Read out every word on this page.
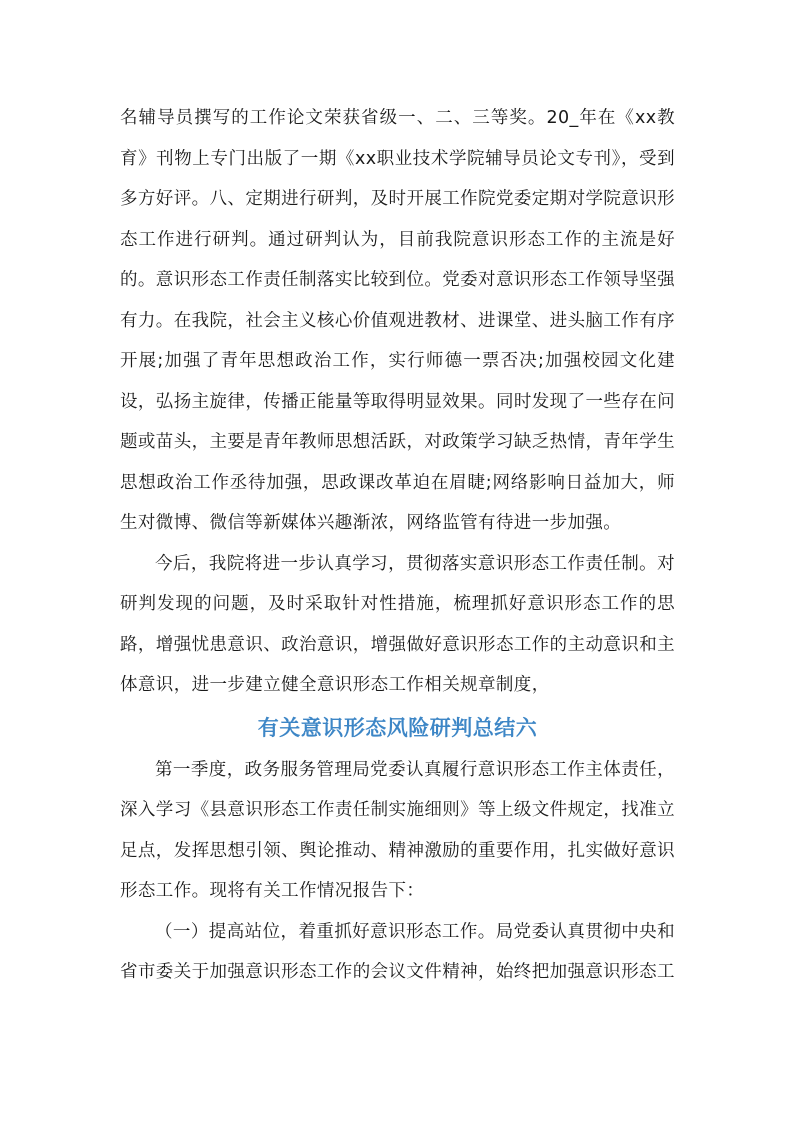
名辅导员撰写的工作论文荣获省级一、二、三等奖。20_年在《xx教育》刊物上专门出版了一期《xx职业技术学院辅导员论文专刊》，受到多方好评。八、定期进行研判，及时开展工作院党委定期对学院意识形态工作进行研判。通过研判认为，目前我院意识形态工作的主流是好的。意识形态工作责任制落实比较到位。党委对意识形态工作领导坚强有力。在我院，社会主义核心价值观进教材、进课堂、进头脑工作有序开展;加强了青年思想政治工作，实行师德一票否决;加强校园文化建设，弘扬主旋律，传播正能量等取得明显效果。同时发现了一些存在问题或苗头，主要是青年教师思想活跃，对政策学习缺乏热情，青年学生思想政治工作丞待加强，思政课改革迫在眉睫;网络影响日益加大，师生对微博、微信等新媒体兴趣渐浓，网络监管有待进一步加强。

今后，我院将进一步认真学习，贯彻落实意识形态工作责任制。对研判发现的问题，及时采取针对性措施，梳理抓好意识形态工作的思路，增强忧患意识、政治意识，增强做好意识形态工作的主动意识和主体意识，进一步建立健全意识形态工作相关规章制度，

有关意识形态风险研判总结六

第一季度，政务服务管理局党委认真履行意识形态工作主体责任，深入学习《县意识形态工作责任制实施细则》等上级文件规定，找准立足点，发挥思想引领、舆论推动、精神激励的重要作用，扎实做好意识形态工作。现将有关工作情况报告下：

（一）提高站位，着重抓好意识形态工作。局党委认真贯彻中央和省市委关于加强意识形态工作的会议文件精神，始终把加强意识形态工
